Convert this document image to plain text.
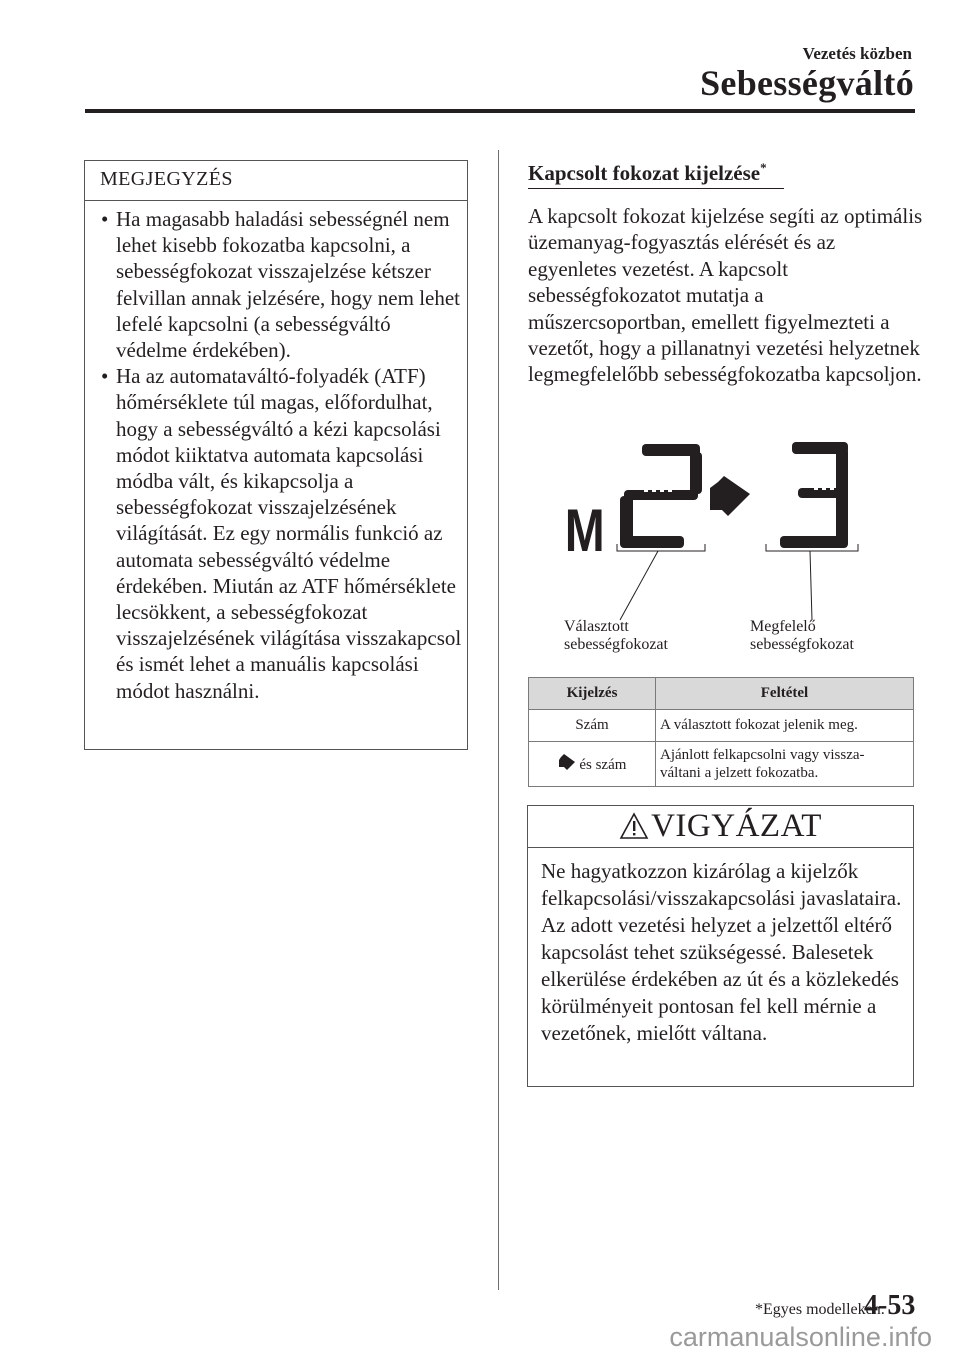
Vezetés közben
Sebességváltó
MEGJEGYZÉS
• Ha magasabb haladási sebességnél nem lehet kisebb fokozatba kapcsolni, a sebességfokozat visszajelzése kétszer felvillan annak jelzésére, hogy nem lehet lefelé kapcsolni (a sebességváltó védelme érdekében).
• Ha az automataváltó-folyadék (ATF) hőmérséklete túl magas, előfordulhat, hogy a sebességváltó a kézi kapcsolási módot kiiktatva automata kapcsolási módba vált, és kikapcsolja a sebességfokozat visszajelzésének világítását. Ez egy normális funkció az automata sebességváltó védelme érdekében. Miután az ATF hőmérséklete lecsökkent, a sebességfokozat visszajelzésének világítása visszakapcsol és ismét lehet a manuális kapcsolási módot használni.
Kapcsolt fokozat kijelzése*

A kapcsolt fokozat kijelzése segíti az optimális üzemanyag-fogyasztás elérését és az egyenletes vezetést. A kapcsolt sebességfokozatot mutatja a műszercsoportban, emellett figyelmezteti a vezetőt, hogy a pillanatnyi vezetési helyzetnek legmegfelelőbb sebességfokozatba kapcsoljon.

M
Választott
sebességfokozat
Megfelelő
sebességfokozat
Kijelzés	Feltétel
Szám	A választott fokozat jelenik meg.
és szám	Ajánlott felkapcsolni vagy vissza-
váltani a jelzett fokozatba.
VIGYÁZAT

Ne hagyatkozzon kizárólag a kijelzők felkapcsolási/visszakapcsolási javaslataira. Az adott vezetési helyzet a jelzettől eltérő kapcsolást tehet szükségessé. Balesetek elkerülése érdekében az út és a közlekedés körülményeit pontosan fel kell mérnie a vezetőnek, mielőtt váltana.

*Egyes modelleken.
4-53
carmanualsonline.info
